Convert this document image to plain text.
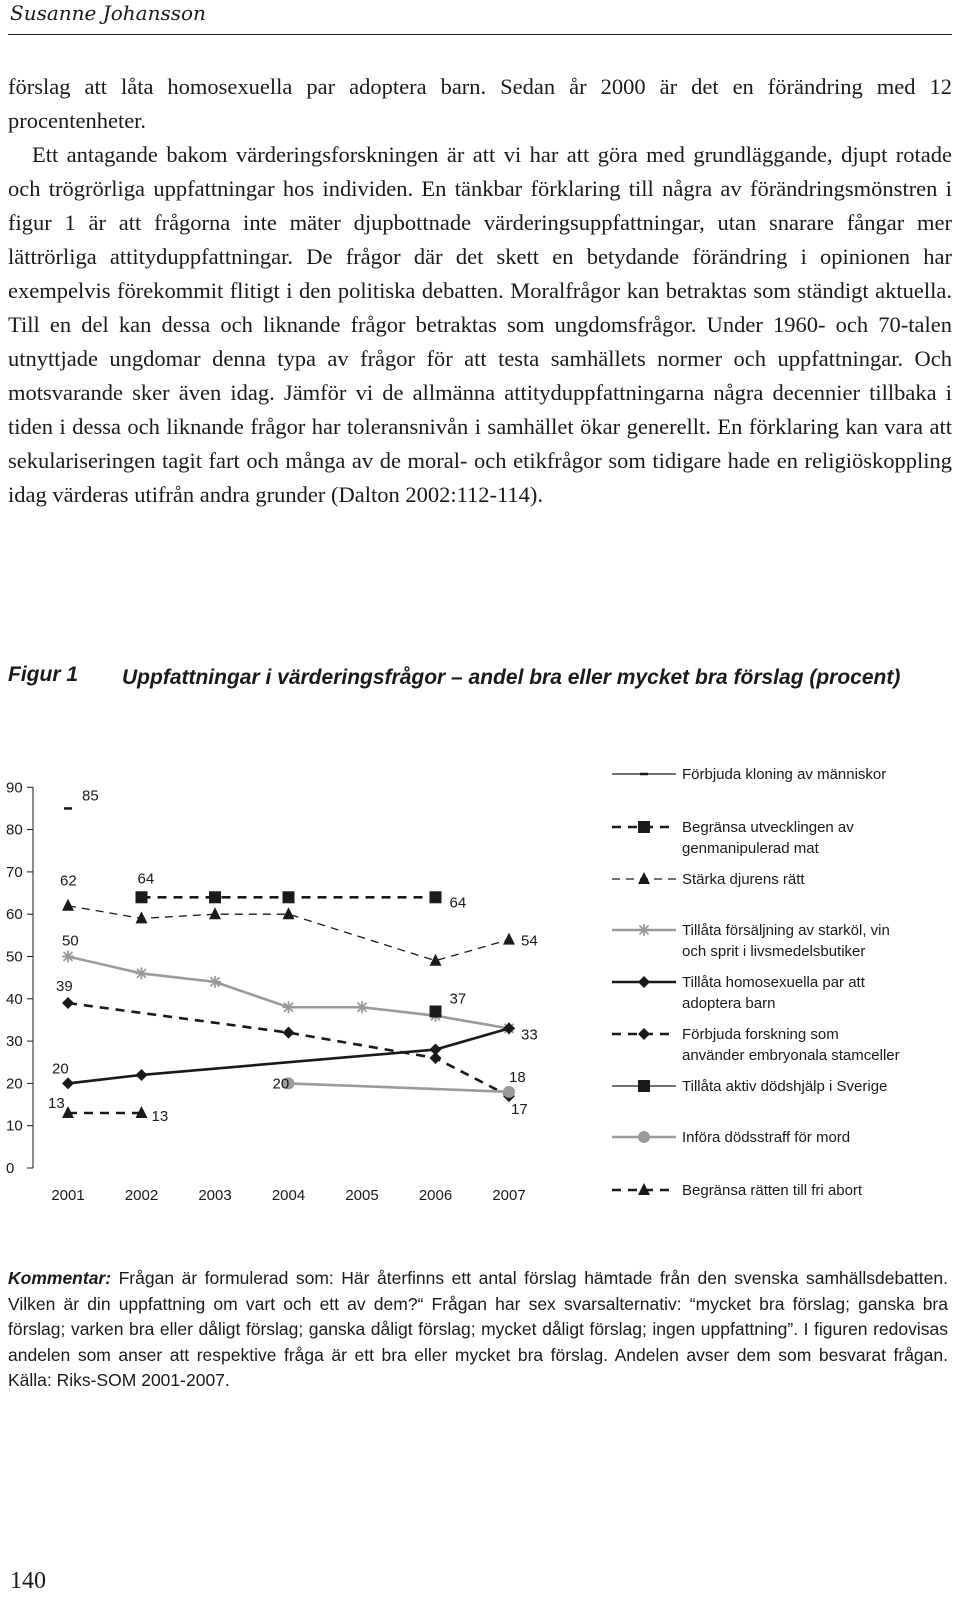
Susanne Johansson

förslag att låta homosexuella par adoptera barn. Sedan år 2000 är det en förändring med 12 procentenheter.

Ett antagande bakom värderingsforskningen är att vi har att göra med grundläggande, djupt rotade och trögrörliga uppfattningar hos individen. En tänkbar förklaring till några av förändringsmönstren i figur 1 är att frågorna inte mäter djupbottnade värderingsuppfattningar, utan snarare fångar mer lättrörliga attityduppfattningar. De frågor där det skett en betydande förändring i opinionen har exempelvis förekommit flitigt i den politiska debatten. Moralfrågor kan betraktas som ständigt aktuella. Till en del kan dessa och liknande frågor betraktas som ungdomsfrågor. Under 1960- och 70-talen utnyttjade ungdomar denna typa av frågor för att testa samhällets normer och uppfattningar. Och motsvarande sker även idag. Jämför vi de allmänna attityduppfattningarna några decennier tillbaka i tiden i dessa och liknande frågor har toleransnivån i samhället ökar generellt. En förklaring kan vara att sekulariseringen tagit fart och många av de moral- och etikfrågor som tidigare hade en religiöskoppling idag värderas utifrån andra grunder (Dalton 2002:112-114).

Figur 1 Uppfattningar i värderingsfrågor – andel bra eller mycket bra förslag (procent)
0
10
20
30
40
50
60
70
80
90
2001	2002	2003	2004	2005	2006	2007
85
62	64
64
54
50
39
37
33
20
20	18
17
13
13
Förbjuda kloning av människor
Begränsa utvecklingen av genmanipulerad mat
Stärka djurens rätt
Tillåta försäljning av starköl, vin och sprit i livsmedelsbutiker
Tillåta homosexuella par att adoptera barn
Förbjuda forskning som använder embryonala stamceller
Tillåta aktiv dödshjälp i Sverige
Införa dödsstraff för mord
Begränsa rätten till fri abort
Kommentar: Frågan är formulerad som: Här återfinns ett antal förslag hämtade från den svenska samhällsdebatten. Vilken är din uppfattning om vart och ett av dem?“ Frågan har sex svarsalternativ: “mycket bra förslag; ganska bra förslag; varken bra eller dåligt förslag; ganska dåligt förslag; mycket dåligt förslag; ingen uppfattning”. I figuren redovisas andelen som anser att respektive fråga är ett bra eller mycket bra förslag. Andelen avser dem som besvarat frågan. Källa: Riks-SOM 2001-2007.
140
